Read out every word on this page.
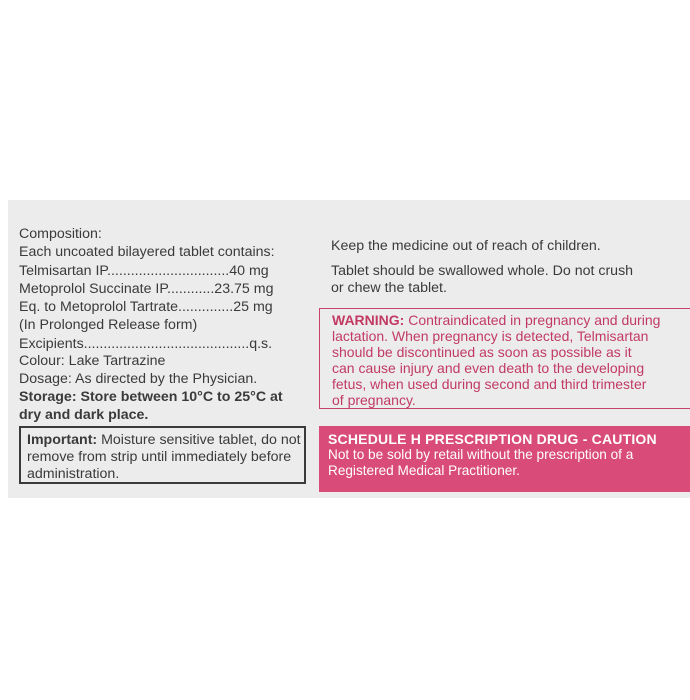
Composition:
Each uncoated bilayered tablet contains:
Telmisartan IP...............................40 mg
Metoprolol Succinate IP............23.75 mg
Eq. to Metoprolol Tartrate..............25 mg
(In Prolonged Release form)
Excipients..........................................q.s.
Colour: Lake Tartrazine
Dosage: As directed by the Physician.
Storage: Store between 10°C to 25°C at
dry and dark place.
Important: Moisture sensitive tablet, do not
remove from strip until immediately before
administration.
Keep the medicine out of reach of children.
Tablet should be swallowed whole. Do not crush
or chew the tablet.
WARNING: Contraindicated in pregnancy and during
lactation. When pregnancy is detected, Telmisartan
should be discontinued as soon as possible as it
can cause injury and even death to the developing
fetus, when used during second and third trimester
of pregnancy.
SCHEDULE H PRESCRIPTION DRUG - CAUTION
Not to be sold by retail without the prescription of a
Registered Medical Practitioner.
